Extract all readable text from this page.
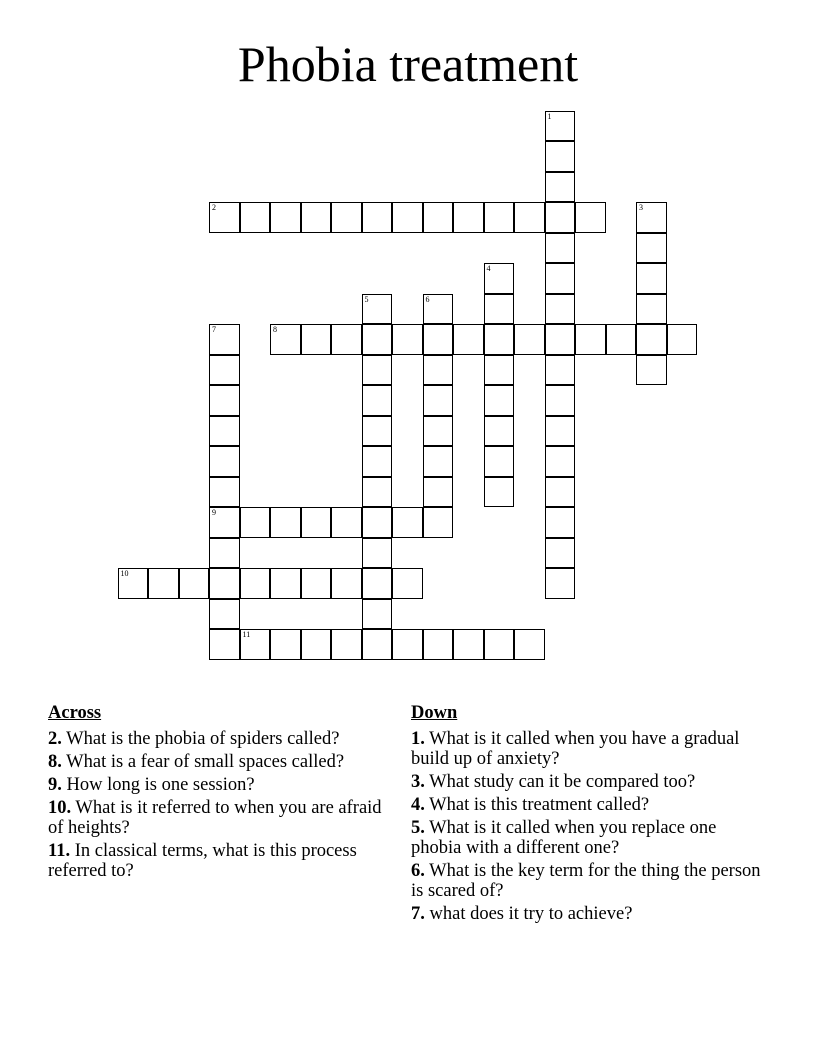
Phobia treatment
2
8
9
10
11
1
3
4
5	6
7
Across
2. What is the phobia of spiders called?
8. What is a fear of small spaces called?
9. How long is one session?
10. What is it referred to when you are afraid of heights?
11. In classical terms, what is this process referred to?
Down
1. What is it called when you have a gradual build up of anxiety?
3. What study can it be compared too?
4. What is this treatment called?
5. What is it called when you replace one phobia with a different one?
6. What is the key term for the thing the person is scared of?
7. what does it try to achieve?
